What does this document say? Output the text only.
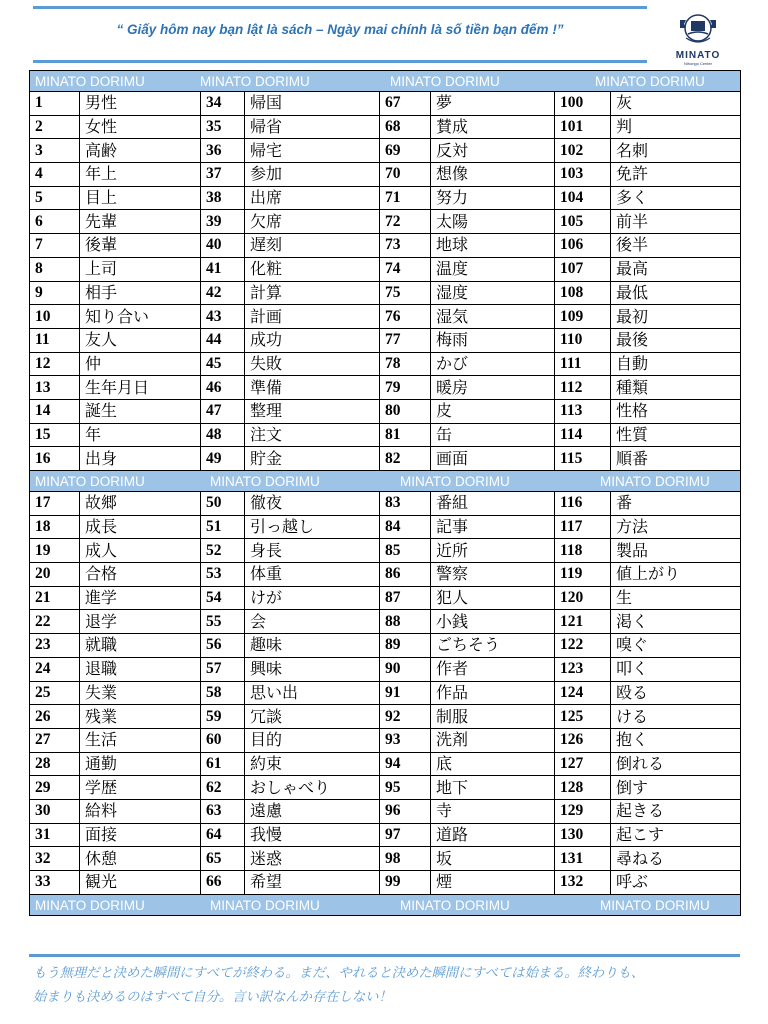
“ Giấy hôm nay bạn lật là sách – Ngày mai chính là số tiền bạn đếm !”
MINATO
Nihongo Center
MINATO DORIMU MINATO DORIMU MINATO DORIMU MINATO DORIMU							

1	男性	34	帰国	67	夢	100	灰
2	女性	35	帰省	68	賛成	101	判
3	高齢	36	帰宅	69	反対	102	名刺
4	年上	37	参加	70	想像	103	免許
5	目上	38	出席	71	努力	104	多く
6	先輩	39	欠席	72	太陽	105	前半
7	後輩	40	遅刻	73	地球	106	後半
8	上司	41	化粧	74	温度	107	最高
9	相手	42	計算	75	湿度	108	最低
10	知り合い	43	計画	76	湿気	109	最初
11	友人	44	成功	77	梅雨	110	最後
12	仲	45	失敗	78	かび	111	自動
13	生年月日	46	準備	79	暖房	112	種類
14	誕生	47	整理	80	皮	113	性格
15	年	48	注文	81	缶	114	性質
16	出身	49	貯金	82	画面	115	順番

MINATO DORIMU MINATO DORIMU MINATO DORIMU MINATO DORIMU							

17	故郷	50	徹夜	83	番組	116	番
18	成長	51	引っ越し	84	記事	117	方法
19	成人	52	身長	85	近所	118	製品
20	合格	53	体重	86	警察	119	値上がり
21	進学	54	けが	87	犯人	120	生
22	退学	55	会	88	小銭	121	渇く
23	就職	56	趣味	89	ごちそう	122	嗅ぐ
24	退職	57	興味	90	作者	123	叩く
25	失業	58	思い出	91	作品	124	殴る
26	残業	59	冗談	92	制服	125	ける
27	生活	60	目的	93	洗剤	126	抱く
28	通勤	61	約束	94	底	127	倒れる
29	学歴	62	おしゃべり	95	地下	128	倒す
30	給料	63	遠慮	96	寺	129	起きる
31	面接	64	我慢	97	道路	130	起こす
32	休憩	65	迷惑	98	坂	131	尋ねる
33	観光	66	希望	99	煙	132	呼ぶ

MINATO DORIMU MINATO DORIMU MINATO DORIMU MINATO DORIMU							
もう無理だと決めた瞬間にすべてが終わる。まだ、やれると決めた瞬間にすべては始まる。終わりも、
始まりも決めるのはすべて自分。言い訳なんか存在しない！
